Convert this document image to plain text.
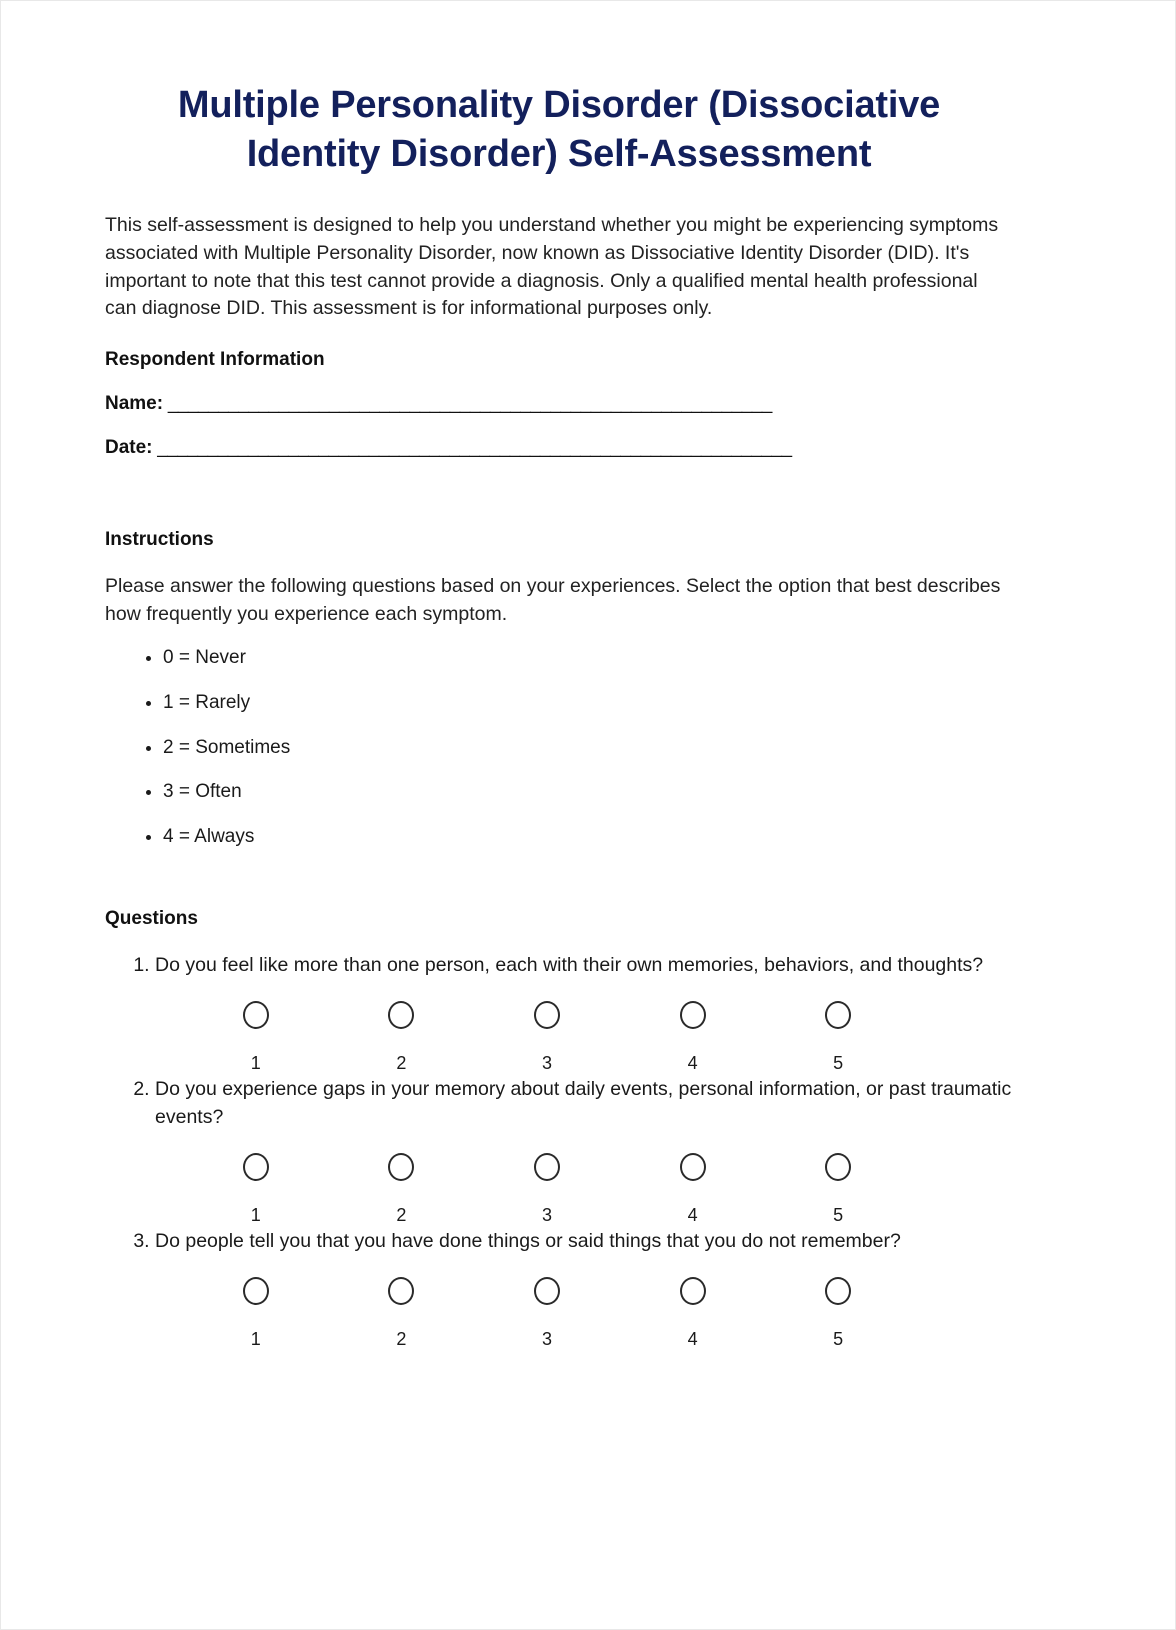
Multiple Personality Disorder (Dissociative Identity Disorder) Self-Assessment

This self-assessment is designed to help you understand whether you might be experiencing symptoms associated with Multiple Personality Disorder, now known as Dissociative Identity Disorder (DID). It's important to note that this test cannot provide a diagnosis. Only a qualified mental health professional can diagnose DID. This assessment is for informational purposes only.

Respondent Information
Name: ____________________________________________________________
Date: _______________________________________________________________
Instructions

Please answer the following questions based on your experiences. Select the option that best describes how frequently you experience each symptom.

• 0 = Never
• 1 = Rarely
• 2 = Sometimes
• 3 = Often
• 4 = Always
Questions
1. Do you feel like more than one person, each with their own memories, behaviors, and thoughts?
1	2	3	4	5
2. Do you experience gaps in your memory about daily events, personal information, or past traumatic events?
1	2	3	4	5
3. Do people tell you that you have done things or said things that you do not remember?
1	2	3	4	5
